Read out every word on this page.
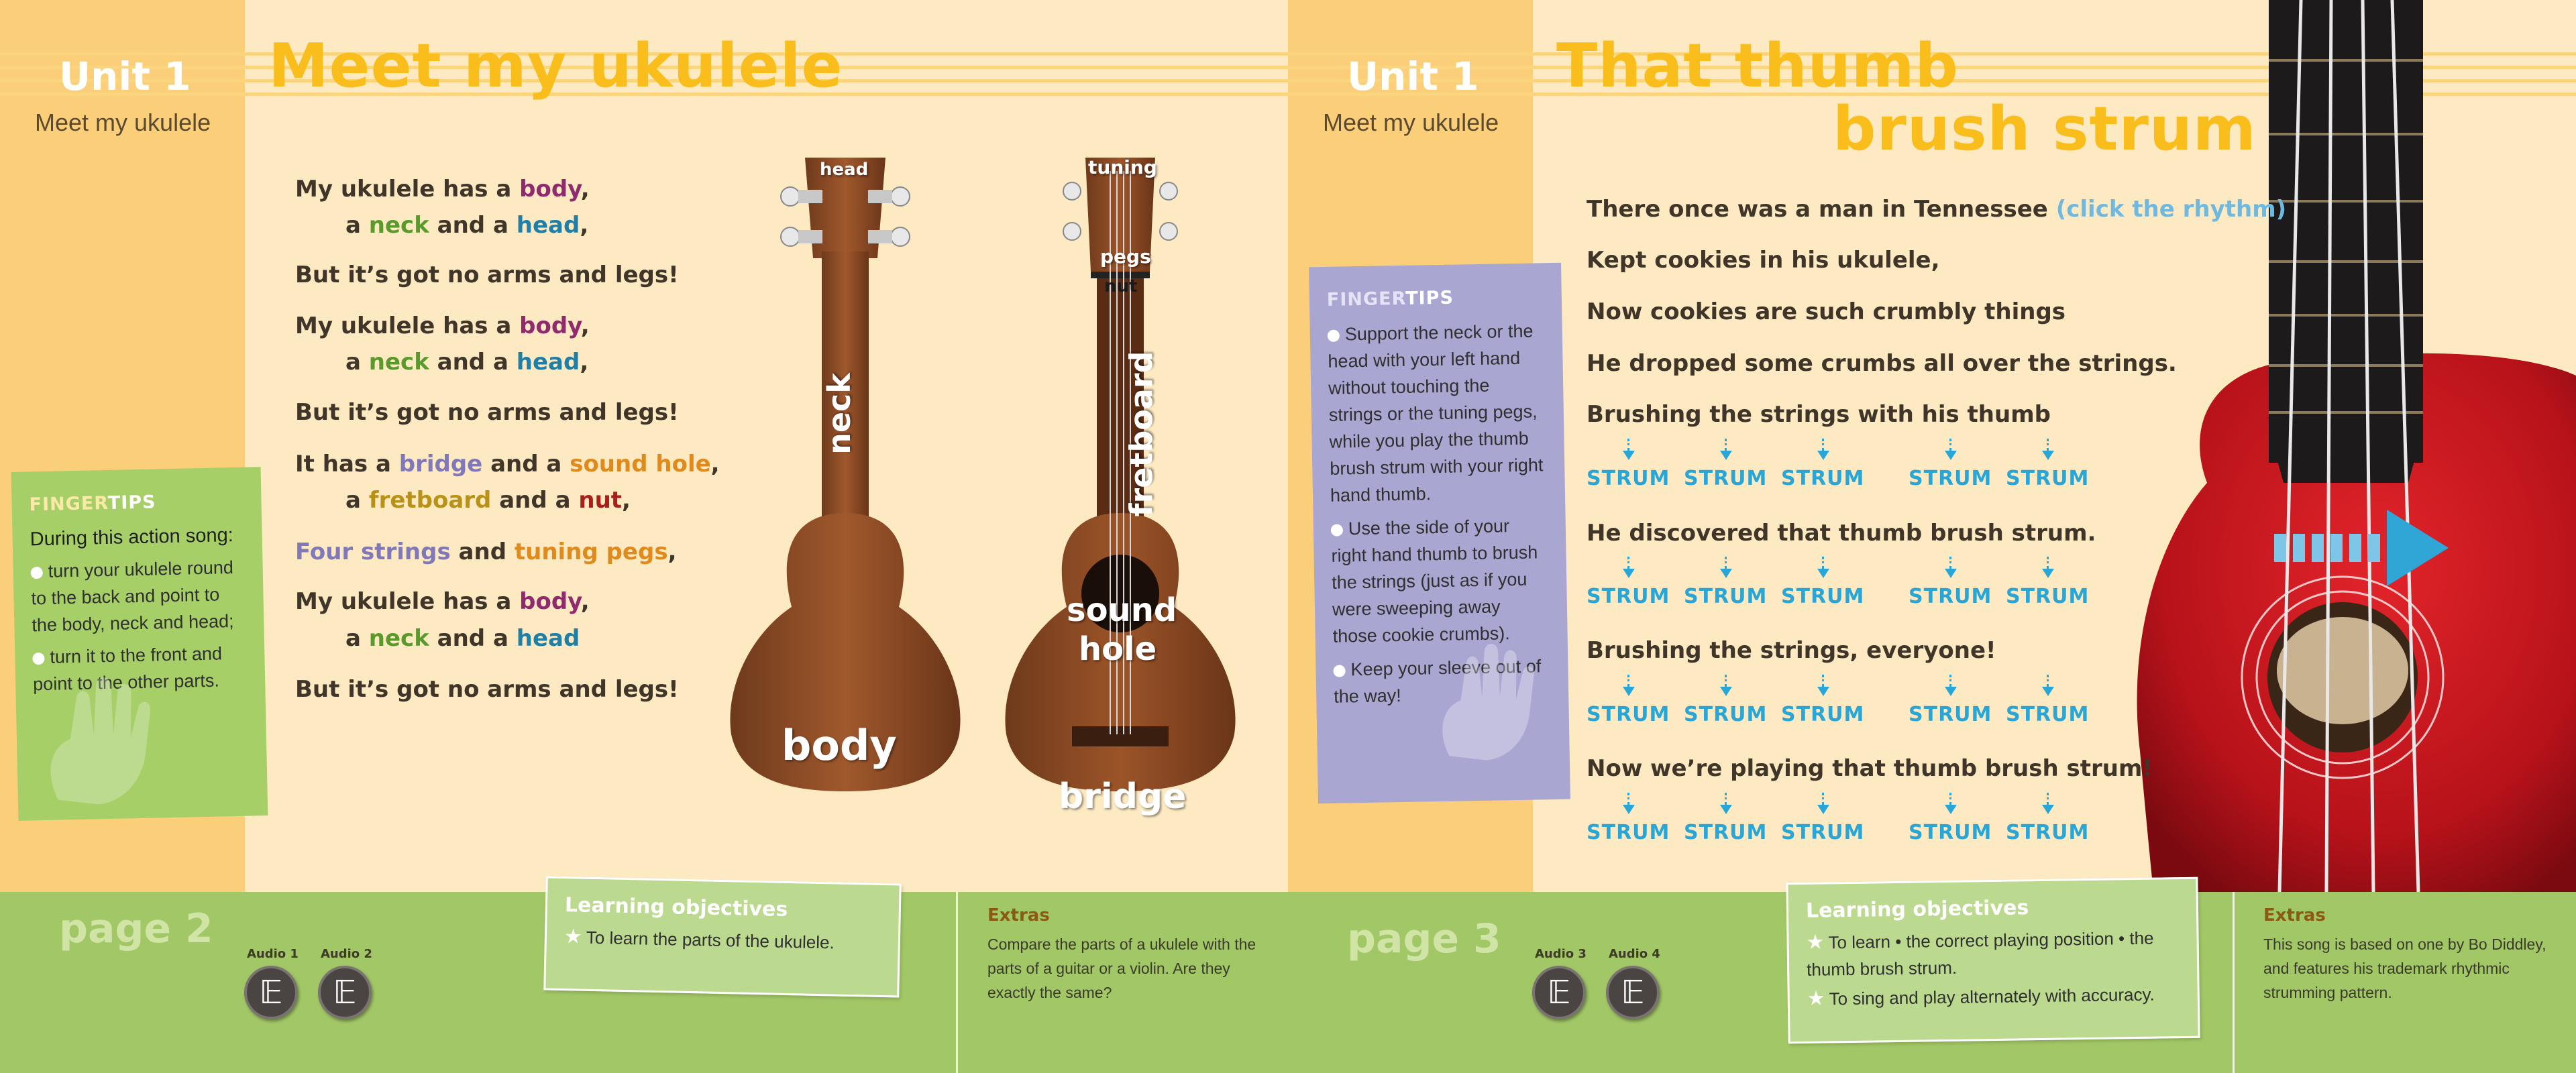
Unit 1
Meet my ukulele
Meet my ukulele
My ukulele has a body,
a neck and a head,
But it’s got no arms and legs!
My ukulele has a body,
a neck and a head,
But it’s got no arms and legs!
It has a bridge and a sound hole,
a fretboard and a nut,
Four strings and tuning pegs,
My ukulele has a body,
a neck and a head
But it’s got no arms and legs!
FINGERTIPS
During this action song:
turn your ukulele round to the back and point to the body, neck and head;
turn it to the front and point to the other parts.
head
neck
body
tuning
pegs
nut
fretboard
sound
hole
bridge
Unit 1
Meet my ukulele
That thumb
brush strum
FINGERTIPS
Support the neck or the head with your left hand without touching the strings or the tuning pegs, while you play the thumb brush strum with your right hand thumb.
Use the side of your right hand thumb to brush the strings (just as if you were sweeping away those cookie crumbs).
Keep your sleeve out of the way!
There once was a man in Tennessee (click the rhythm)
Kept cookies in his ukulele,
Now cookies are such crumbly things
He dropped some crumbs all over the strings.
Brushing the strings with his thumb
He discovered that thumb brush strum.
Brushing the strings, everyone!
Now we’re playing that thumb brush strum!
STRUM STRUM STRUM STRUM STRUM
STRUM STRUM STRUM STRUM STRUM
STRUM STRUM STRUM STRUM STRUM
STRUM STRUM STRUM STRUM STRUM
page 2
Audio 1 Audio 2
𝔼 𝔼
Learning objectives
★ To learn the parts of the ukulele.
Extras
Compare the parts of a ukulele with the parts of a guitar or a violin. Are they exactly the same?
page 3	Audio 3 Audio 4
𝔼 𝔼
Learning objectives
★ To learn • the correct playing position • the thumb brush strum.
★ To sing and play alternately with accuracy.
Extras
This song is based on one by Bo Diddley, and features his trademark rhythmic strumming pattern.
